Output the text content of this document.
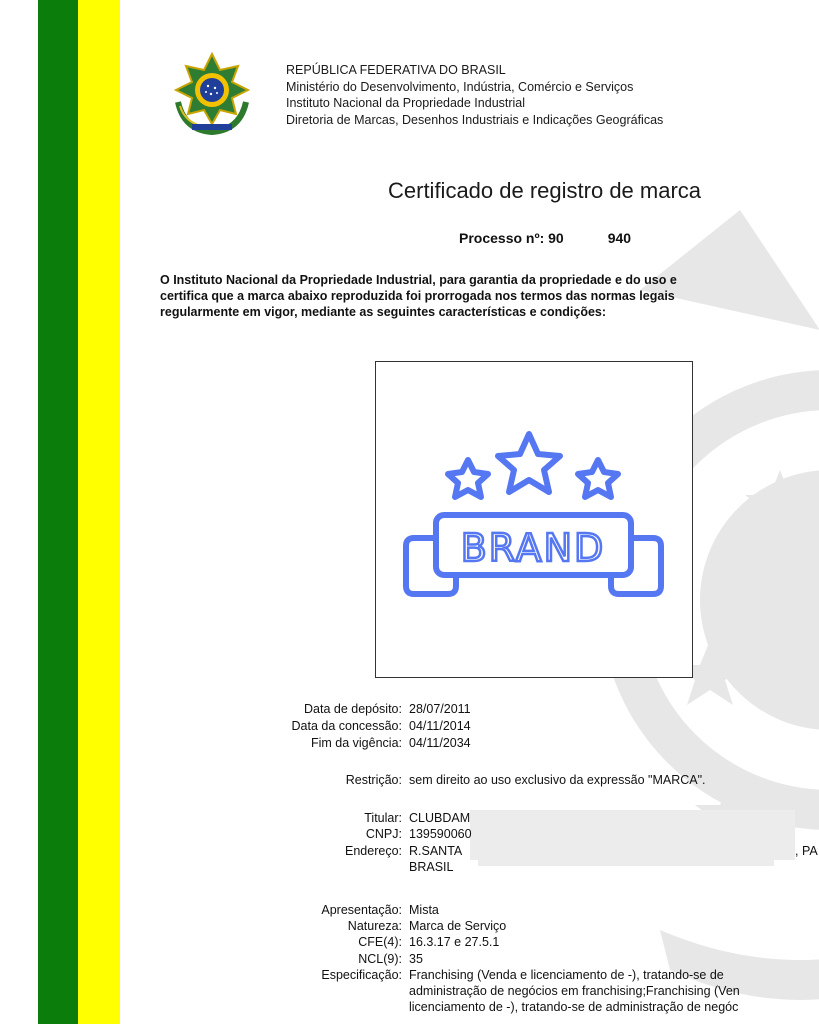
REPÚBLICA FEDERATIVA DO BRASIL
Ministério do Desenvolvimento, Indústria, Comércio e Serviços
Instituto Nacional da Propriedade Industrial
Diretoria de Marcas, Desenhos Industriais e Indicações Geográficas
Certificado de registro de marca
Processo nº: 90	940
O Instituto Nacional da Propriedade Industrial, para garantia da propriedade e do uso e
certifica que a marca abaixo reproduzida foi prorrogada nos termos das normas legais
regularmente em vigor, mediante as seguintes características e condições:
BRAND
Data de depósito: 28/07/2011
Data da concessão: 04/11/2014
Fim da vigência: 04/11/2034
Restrição: sem direito ao uso exclusivo da expressão "MARCA".
Titular: CLUBDAM
CNPJ: 139590060
Endereço: R.SANTA	, PA
BRASIL
Apresentação: Mista
Natureza: Marca de Serviço
CFE(4): 16.3.17 e 27.5.1
NCL(9): 35
Especificação: Franchising (Venda e licenciamento de -), tratando-se de
administração de negócios em franchising;Franchising (Ven
licenciamento de -), tratando-se de administração de negóc
